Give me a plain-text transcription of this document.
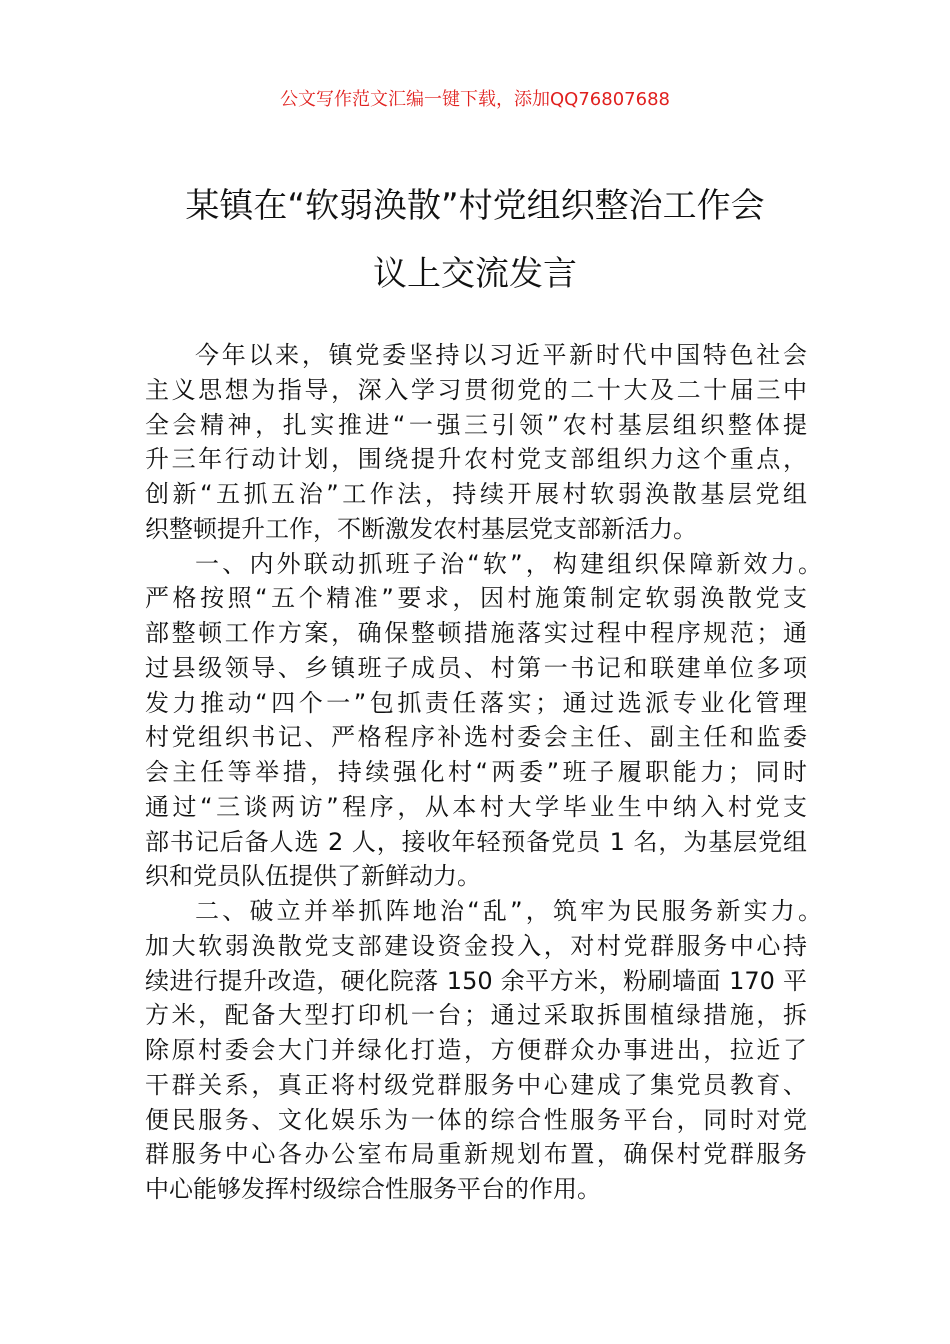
公文写作范文汇编一键下载，添加QQ76807688
某镇在“软弱涣散”村党组织整治工作会
议上交流发言
今年以来，镇党委坚持以习近平新时代中国特色社会
主义思想为指导，深入学习贯彻党的二十大及二十届三中
全会精神，扎实推进“一强三引领”农村基层组织整体提
升三年行动计划，围绕提升农村党支部组织力这个重点，
创新“五抓五治”工作法，持续开展村软弱涣散基层党组
织整顿提升工作，不断激发农村基层党支部新活力。
一、内外联动抓班子治“软”，构建组织保障新效力。
严格按照“五个精准”要求，因村施策制定软弱涣散党支
部整顿工作方案，确保整顿措施落实过程中程序规范；通
过县级领导、乡镇班子成员、村第一书记和联建单位多项
发力推动“四个一”包抓责任落实；通过选派专业化管理
村党组织书记、严格程序补选村委会主任、副主任和监委
会主任等举措，持续强化村“两委”班子履职能力；同时
通过“三谈两访”程序，从本村大学毕业生中纳入村党支
部书记后备人选 2 人，接收年轻预备党员 1 名，为基层党组
织和党员队伍提供了新鲜动力。
二、破立并举抓阵地治“乱”，筑牢为民服务新实力。
加大软弱涣散党支部建设资金投入，对村党群服务中心持
续进行提升改造，硬化院落 150 余平方米，粉刷墙面 170 平
方米，配备大型打印机一台；通过采取拆围植绿措施，拆
除原村委会大门并绿化打造，方便群众办事进出，拉近了
干群关系，真正将村级党群服务中心建成了集党员教育、
便民服务、文化娱乐为一体的综合性服务平台，同时对党
群服务中心各办公室布局重新规划布置，确保村党群服务
中心能够发挥村级综合性服务平台的作用。
